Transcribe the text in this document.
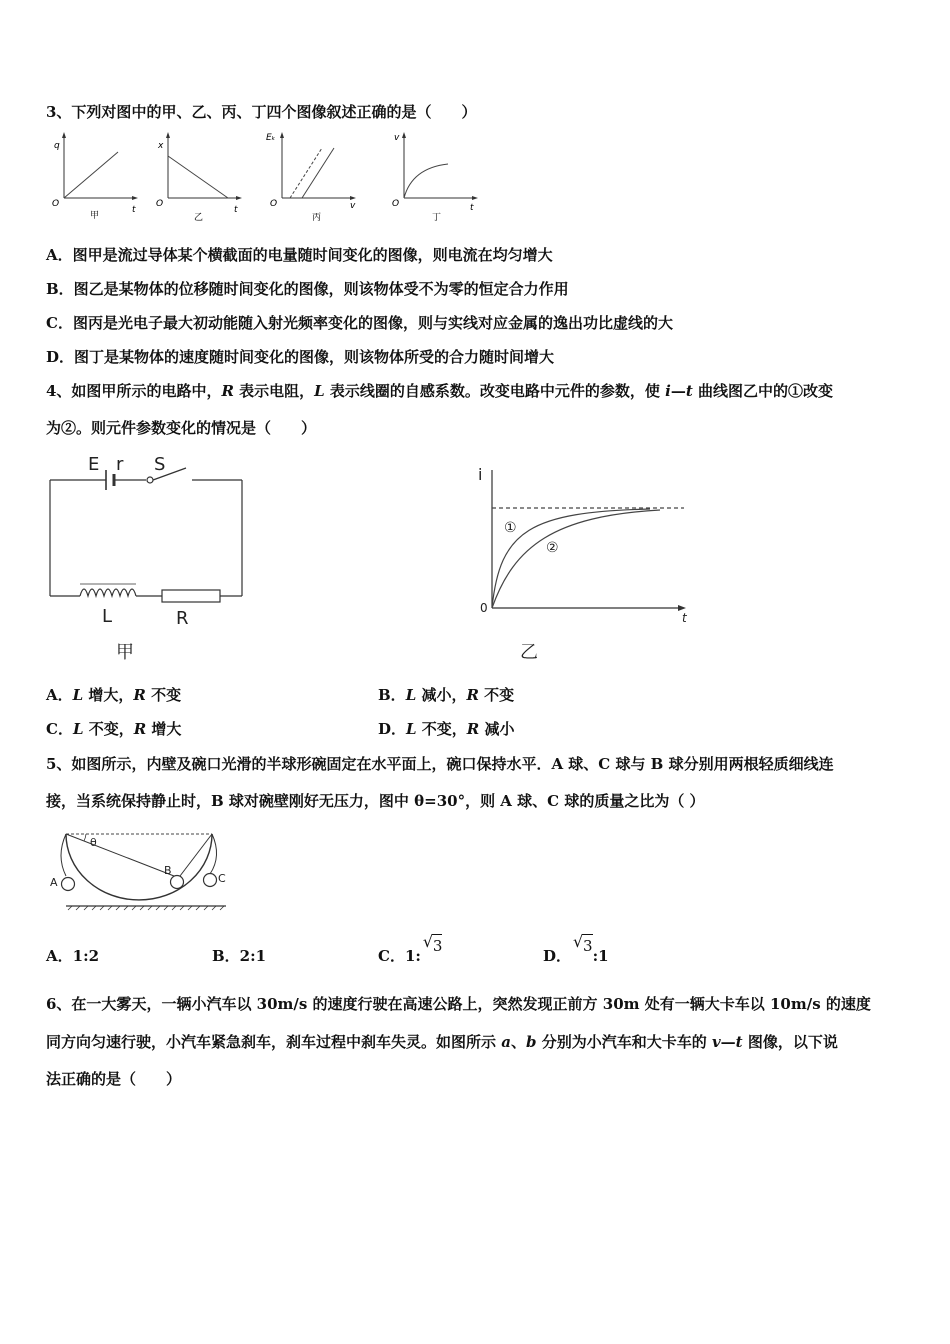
3、下列对图中的甲、乙、丙、丁四个图像叙述正确的是（　　）
q
t
O
甲
x
t
O
乙
Eₖ
v
O
丙
v
t
O
丁
A．图甲是流过导体某个横截面的电量随时间变化的图像，则电流在均匀增大
B．图乙是某物体的位移随时间变化的图像，则该物体受不为零的恒定合力作用
C．图丙是光电子最大初动能随入射光频率变化的图像，则与实线对应金属的逸出功比虚线的大
D．图丁是某物体的速度随时间变化的图像，则该物体所受的合力随时间增大
4、如图甲所示的电路中，R 表示电阻，L 表示线圈的自感系数。改变电路中元件的参数，使 i—t 曲线图乙中的①改变
为②。则元件参数变化的情况是（　　）
E r S
L	R
甲
i
t
0
①
②
乙
A．L 增大，R 不变	B．L 减小，R 不变
C．L 不变，R 增大	D．L 不变，R 减小
5、如图所示，内壁及碗口光滑的半球形碗固定在水平面上，碗口保持水平．A 球、C 球与 B 球分别用两根轻质细线连
接，当系统保持静止时，B 球对碗壁刚好无压力，图中 θ=30°，则 A 球、C 球的质量之比为（ ）
A
B
C
θ
A．1:2	B．2:1	C．1:
√ 3
D．
√ 3:1
6、在一大雾天，一辆小汽车以 30m/s 的速度行驶在高速公路上，突然发现正前方 30m 处有一辆大卡车以 10m/s 的速度
同方向匀速行驶，小汽车紧急刹车，刹车过程中刹车失灵。如图所示 a、b 分别为小汽车和大卡车的 v—t 图像，以下说
法正确的是（　　）
